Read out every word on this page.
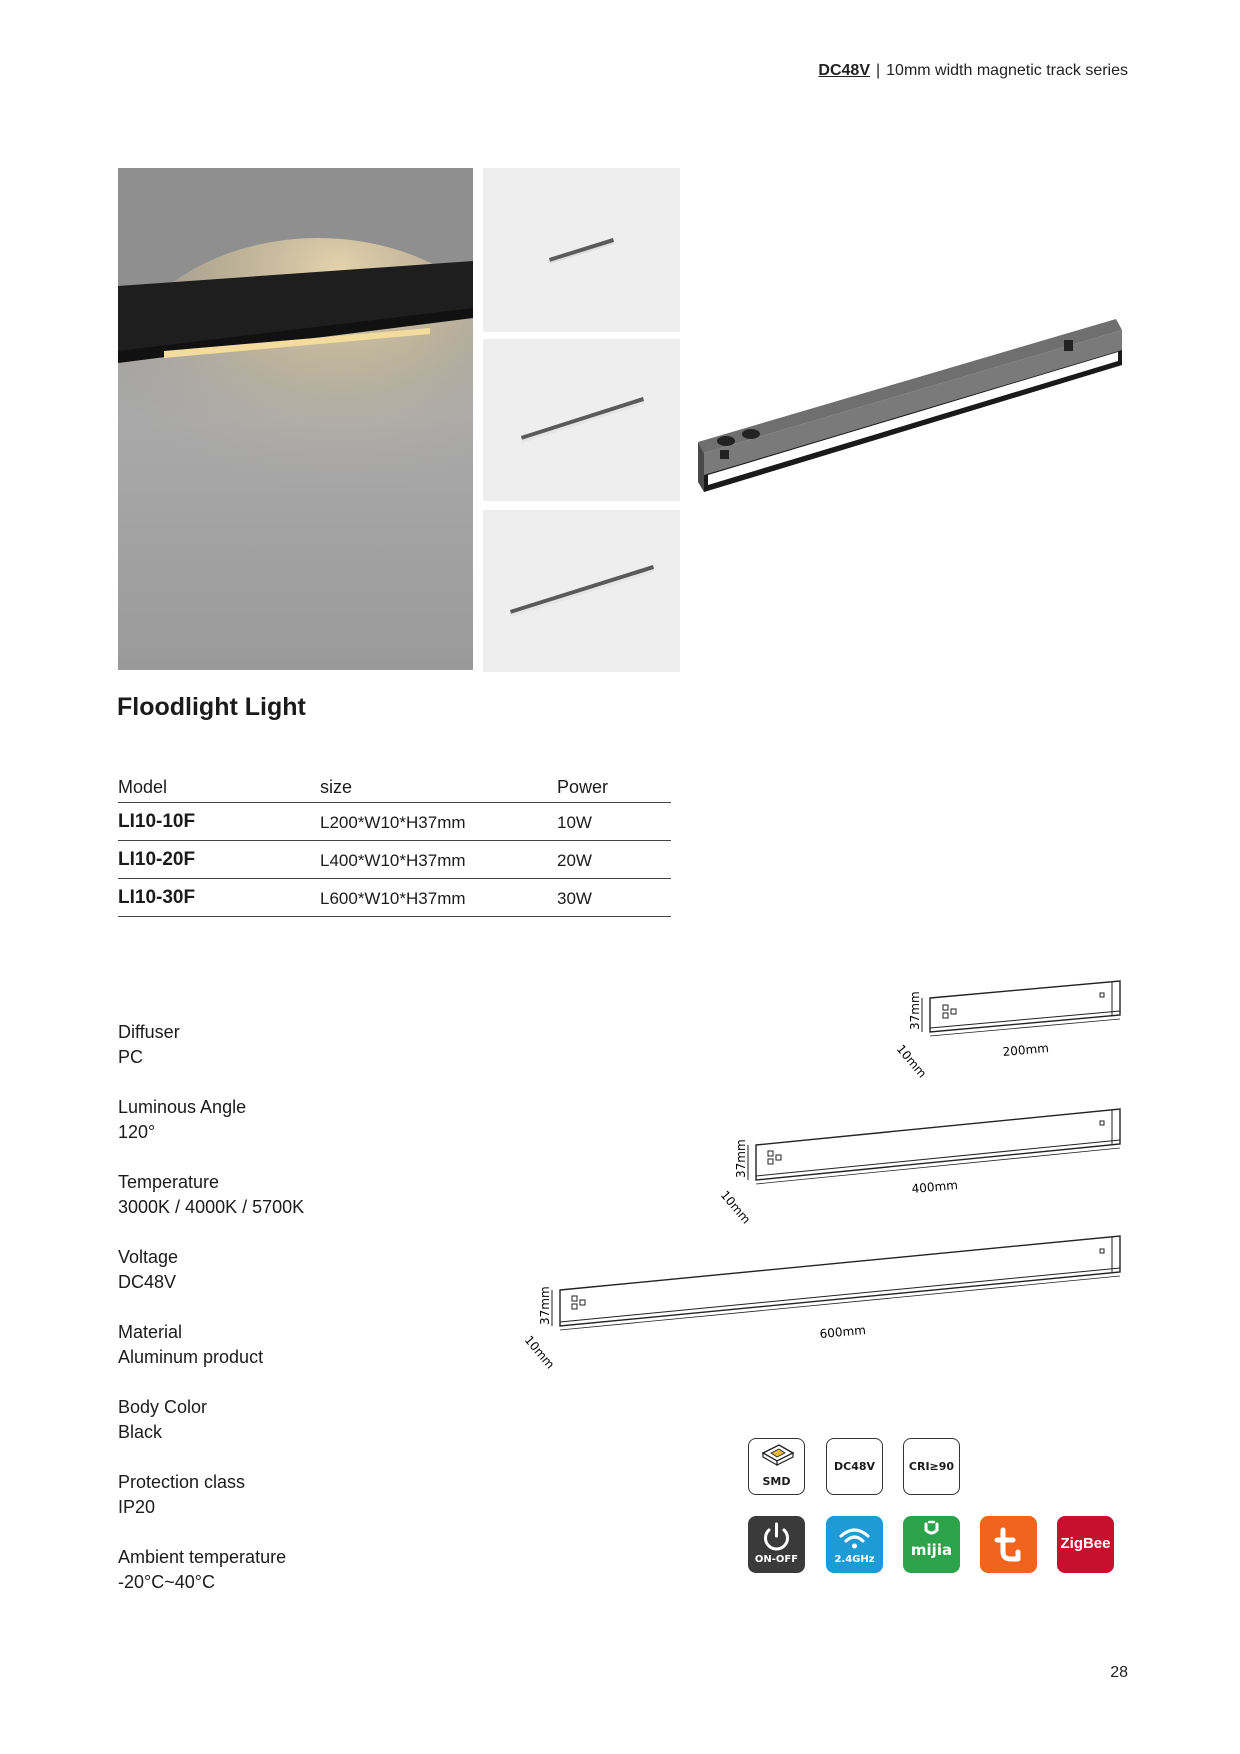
DC48V | 10mm width magnetic track series
Floodlight Light
Model	size	Power
LI10-10F	L200*W10*H37mm	10W
LI10-20F	L400*W10*H37mm	20W
LI10-30F	L600*W10*H37mm	30W
Diffuser
PC
Luminous Angle
120°
Temperature
3000K / 4000K / 5700K
Voltage
DC48V
Material
Aluminum product
Body Color
Black
Protection class
IP20
Ambient temperature
-20°C~40°C
37mm
10mm	200mm
37mm
10mm
400mm
37mm
10mm
600mm
SMD
DC48V	CRI≥90
ON-OFF	2.4GHz
mijia	ZigBee
28
